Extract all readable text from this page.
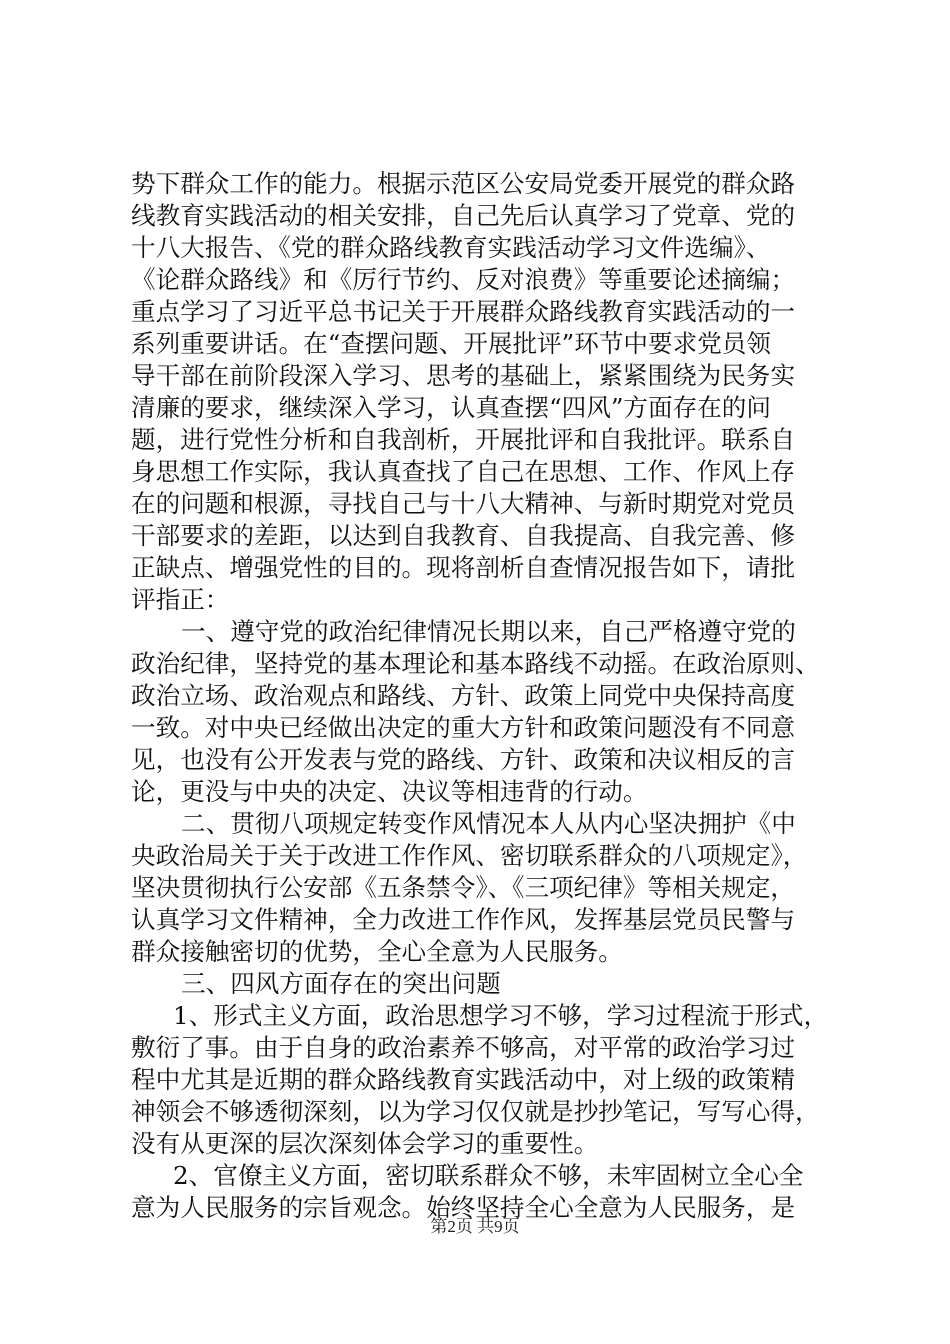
势下群众工作的能力。根据示范区公安局党委开展党的群众路
线教育实践活动的相关安排，自己先后认真学习了党章、党的
十八大报告、《党的群众路线教育实践活动学习文件选编》、
《论群众路线》和《厉行节约、反对浪费》等重要论述摘编；
重点学习了习近平总书记关于开展群众路线教育实践活动的一
系列重要讲话。在“查摆问题、开展批评”环节中要求党员领
导干部在前阶段深入学习、思考的基础上，紧紧围绕为民务实
清廉的要求，继续深入学习，认真查摆“四风”方面存在的问
题，进行党性分析和自我剖析，开展批评和自我批评。联系自
身思想工作实际，我认真查找了自己在思想、工作、作风上存
在的问题和根源，寻找自己与十八大精神、与新时期党对党员
干部要求的差距，以达到自我教育、自我提高、自我完善、修
正缺点、增强党性的目的。现将剖析自查情况报告如下，请批
评指正：
一、遵守党的政治纪律情况长期以来，自己严格遵守党的
政治纪律，坚持党的基本理论和基本路线不动摇。在政治原则、
政治立场、政治观点和路线、方针、政策上同党中央保持高度
一致。对中央已经做出决定的重大方针和政策问题没有不同意
见，也没有公开发表与党的路线、方针、政策和决议相反的言
论，更没与中央的决定、决议等相违背的行动。
二、贯彻八项规定转变作风情况本人从内心坚决拥护《中
央政治局关于关于改进工作作风、密切联系群众的八项规定》，
坚决贯彻执行公安部《五条禁令》、《三项纪律》等相关规定，
认真学习文件精神，全力改进工作作风，发挥基层党员民警与
群众接触密切的优势，全心全意为人民服务。
三、四风方面存在的突出问题
1、形式主义方面，政治思想学习不够，学习过程流于形式，
敷衍了事。由于自身的政治素养不够高，对平常的政治学习过
程中尤其是近期的群众路线教育实践活动中，对上级的政策精
神领会不够透彻深刻，以为学习仅仅就是抄抄笔记，写写心得，
没有从更深的层次深刻体会学习的重要性。
2、官僚主义方面，密切联系群众不够，未牢固树立全心全
意为人民服务的宗旨观念。始终坚持全心全意为人民服务，是
第2页 共9页
